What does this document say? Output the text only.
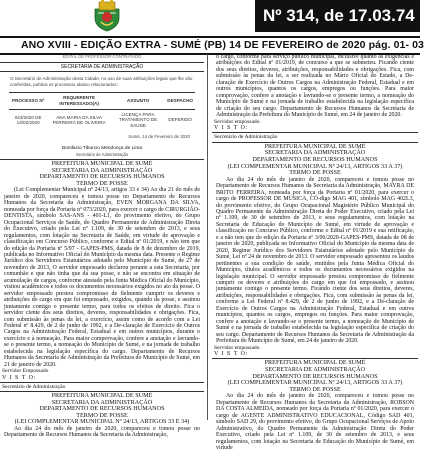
Nº 314, de 17.03.74
ANO XVIII - EDIÇÃO EXTRA - SUMÉ (PB) 14 DE FEVEREIRO de 2020 pág. 01- 03
EDITAL DE PROFESSOR CONTRATADO
SECRETARIA DE ADMINISTRAÇÃO
O Secretário de Administração desta Cidade, no uso de suas atribuições legais que lhe são conferidas, publica os processos abaixo relacionados:
PROCESSO Nº	REQUERENTE INTERESSADO(A)	ASSUNTO	DESPACHO
043/2020 DE 14/02/2020	ANA MARIA DA SILVA FERREIRA DE OLIVEIRA	LICENÇA PARA TRATAMENTO DE SAÚDE	DEFERIDO
Sumé, 14 de Fevereiro de 2020
Bonifacio Tiburcio Mendonça de Lima
Secretário de Administração
PREFEITURA MUNICIPAL DE SUMÉ
SECRETARIA DA ADMINISTRAÇÃO
DEPARTAMENTO DE RECURSOS HUMANOS
TERMO DE POSSE

(Lei Complementar Municipal nº 24/13, artigos 33 e 34) Ao dia 21 do mês de janeiro de 2020, compareceu e tomou posse no Departamento de Recursos Humanos da Secretaria da Administração, EVEN MORGANA DA SILVA, nomeada por força da Portaria nº 073/2020, para exercer o cargo de CIRURGIÃO-DENTISTA, símbolo SAS-ANS - 401-L1, do provimento efetivo, do Grupo Ocupacional Serviços de Saúde, do Quadro Permanente de Administração Direta do Executivo, criado pela Lei nº 1.109, de 30 de setembro de 2013, e seus regulamentos, com lotação na Secretaria de Saúde, em virtude de aprovação e classificação em Concurso Público, conforme o Edital nº 01/2019, e não tem que do edição da Portaria nº 5/97 - GAPES-PMS, datada de 8 de dezembro de 2019, publicada no Informativo Oficial do Município da mesma data. Presente o Regime Jurídico dos Servidores Estatutários adotado pelo Município de Sumé, de 27 de novembro de 2013, O servidor empossado declarou perante a esta Secretaria, por comunhão e que não tinha que da sua posse, e não se encontra em situação de acumulação de cargos, conforme atestado pela Junta Médica Oficial do Município, visitou acadêmicos e todos os documentos necessários exigidos no ato da posse. O servidor empossado prestou compromisso de fielmente cumprir os deveres e atribuições do cargo em que foi empossado, exigidos, quando da posse, e assinou juntamente comigo o presente termo, para todos os efeitos de direito. Fica o servidor ciente dos seus direitos, deveres, responsabilidades e obrigações. Fica, com submissão às penas da lei, a exercício, assim como de acordo com a Lei Federal nº 8.429, de 2 de junho de 1992, e a De-claração de Exercício de Outros Cargos na Administração Federal, Estadual e em outros municípios, durante o exercício e à nomeação. Para maior comprovação, confere a anotação e lavrando-se o presente termo, a nomeação do Município de Sumé, e na jornada de trabalho estabelecida na legislação específica do cargo. Departamento de Recursos Humanos da Secretaria de Administração da Prefeitura do Município de Sumé, em 21 de janeiro de 2020.

Servidor Empossado
V I S T O:
Secretário de Administração
PREFEITURA MUNICIPAL DE SUMÉ
SECRETARIA DA ADMINISTRAÇÃO
DEPARTAMENTO DE RECURSOS HUMANOS
TERMO DE POSSE
(LEI COMPLEMENTAR MUNICIPAL Nº 24/13, ARTIGOS 33 E 34)

Ao dia 24 do mês de janeiro de 2020, compareceu e tomou posse no Departamento de Recursos Humanos da Secretaria da Administração,

o cargo, conforme para serviço público municipal, inclusive quanto às exigências e atribuições do Edital nº 01/2019, de concurso a que se submeteu. Ficando ciente dos seus direitos, deveres, atribuições, responsabilidades e obrigações. Fica, com submissão às penas da lei, a ser realizada no Mário Oficial do Estado, a De-claração de Exercício de Outros Cargos na Administração Federal, Estadual e em outros municípios, quantos os cargos, empregos ou funções. Para maior comprovação, confere a anotação e lavrando-se o presente termo, a nomeação do Município de Sumé e na jornada de trabalho estabelecida na legislação específica de criação do seu cargo. Departamento de Recursos Humanos da Secretaria de Administração da Prefeitura do Município de Sumé, em 24 de janeiro de 2020.

Servidor empossado
V I S T O:
Secretário de Administração
PREFEITURA MUNICIPAL DE SUMÉ
SECRETARIA DA ADMINISTRAÇÃO
DEPARTAMENTO DE RECURSOS HUMANOS
(LEI COMPLEMENTAR MUNICIPAL Nº 24/13, ARTIGOS 33 A 37)
TERMO DE POSSE

Ao dia 24 do mês de janeiro de 2020, compareceu e tomou posse no Departamento de Recursos Humanos da Secretaria da Administração, MAYRA DE BRITO FERREIRA, nomeada por força da Portaria nº 01/2020, para exercer o cargo de PROFESSOR DE MÚSICA, CÓ-digo MAG 401, símbolo MAG 402L3, do provimento efetivo, do Grupo Ocupacional Magistério Público Municipal do Quadro Permanente da Administração Direta do Poder Executivo, criado pela Lei nº 1.109, de 30 de setembro de 2013, e seus regulamentos, com lotação na Secretaria de Educação do Município de Sumé, em virtude de aprovação e classificação no Concurso Público, conforme o Edital nº 01/2019 e sua retificação, e a não tem que do edição da Portaria nº 3/06/2020-GAPES-PMS, datada de 08 de janeiro de 2020, publicada no Informativo Oficial do Município da mesma data de 2020, Regime Jurídico dos Servidores Estatutários adotado pelo Município de Sumé, Lei nº 24 de novembro de 2013. O servidor empossado apresentou os laudos pertinentes a sua condição de saúde, emitidos pela Junta Médica Oficial do Município, títulos acadêmicos e todos os documentos necessários exigidos na legislação municipal. O servidor empossado prestou compromisso de fielmente cumprir os deveres e atribuições do cargo em que foi empossado, e assinou juntamente comigo o presente termo. Ficando ciente dos seus direitos, deveres, atribuições, responsabilidades e obrigações. Fica, com submissão às penas da lei, conforme a Lei Federal nº 8.429, de 2 de junho de 1992, e a De-claração de Exercício de Outros Cargos na Administração Federal, Estadual e em outros municípios, quantos os cargos, empregos ou funções. Para maior comprovação, confere a anotação e lavrando-se o presente termo, a nomeação do Município de Sumé e na jornada de trabalho estabelecida na legislação específica de criação do seu cargo. Departamento de Recursos Humanos da Secretaria de Administração da Prefeitura do Município de Sumé, em 24 de janeiro de 2020.

Servidor empossado
V I S T O:
PREFEITURA MUNICIPAL DE SUMÉ
SECRETARIA DE ADMINISTRAÇÃO
DEPARTAMENTO DE RECURSOS HUMANOS
(LEI COMPLEMENTAR MUNICIPAL Nº 24/13, ARTIGOS 33 A 37)
TERMO DE POSSE

Ao dia 24 do mês de janeiro de 2020, compareceu e tomou posse no Departamento de Recursos Humanos da Secretaria da Administração, ROBSON DA COSTA ALMEIDA, nomeado por força da Portaria nº 01/2020, para exercer o cargo de AGENTE ADMINISTRATIVO EDUCACIONAL, Código SAD 401, símbolo SAD 29, do provimento efetivo, do Grupo Ocupacional Serviços de Apoio Administrativo, do Quadro Permanente da Administração Direta do Poder Executivo, criado pela Lei nº 1.109, de 30 de setembro de 2013, e seus regulamentos, com lotação na Secretaria de Educação do Município de Sumé, em virtude
